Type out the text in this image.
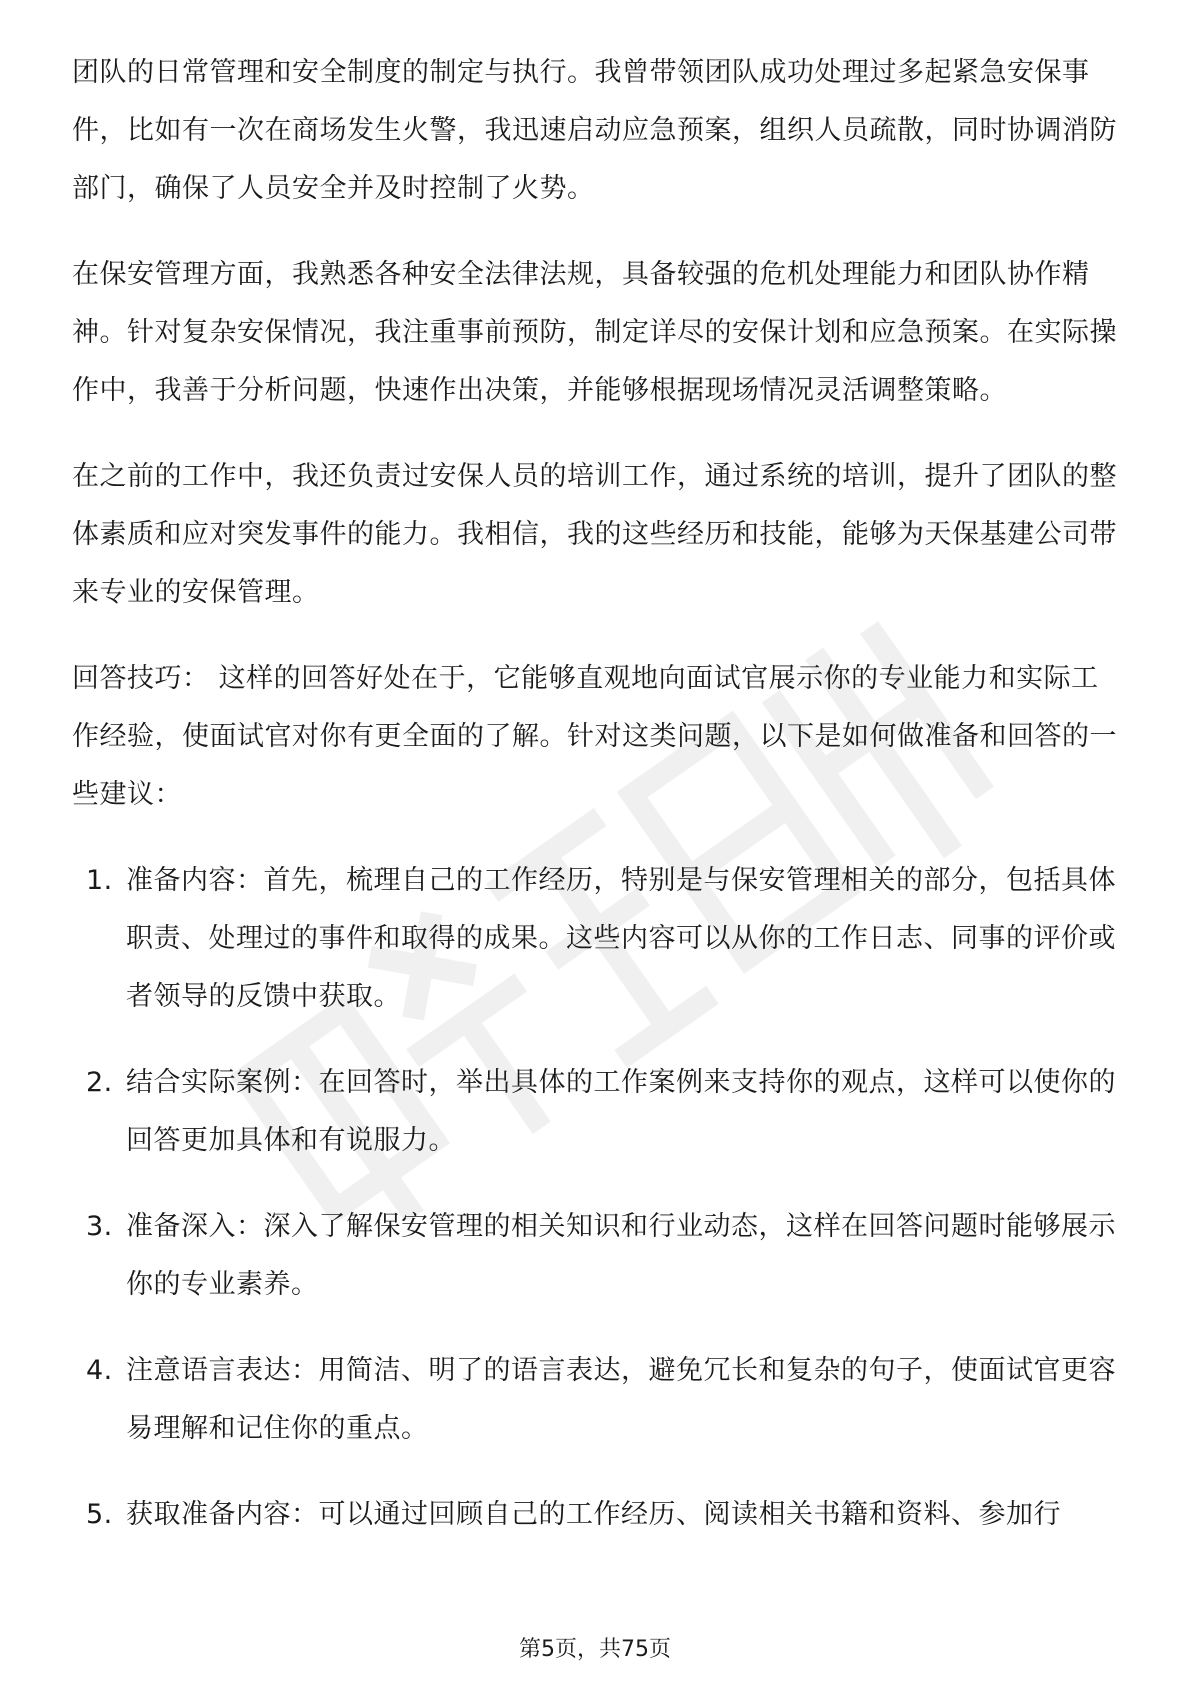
团队的日常管理和安全制度的制定与执行。我曾带领团队成功处理过多起紧急安保事件，比如有一次在商场发生火警，我迅速启动应急预案，组织人员疏散，同时协调消防部门，确保了人员安全并及时控制了火势。

在保安管理方面，我熟悉各种安全法律法规，具备较强的危机处理能力和团队协作精神。针对复杂安保情况，我注重事前预防，制定详尽的安保计划和应急预案。在实际操作中，我善于分析问题，快速作出决策，并能够根据现场情况灵活调整策略。

在之前的工作中，我还负责过安保人员的培训工作，通过系统的培训，提升了团队的整体素质和应对突发事件的能力。我相信，我的这些经历和技能，能够为天保基建公司带来专业的安保管理。

回答技巧： 这样的回答好处在于，它能够直观地向面试官展示你的专业能力和实际工作经验，使面试官对你有更全面的了解。针对这类问题，以下是如何做准备和回答的一些建议：

1. 准备内容：首先，梳理自己的工作经历，特别是与保安管理相关的部分，包括具体职责、处理过的事件和取得的成果。这些内容可以从你的工作日志、同事的评价或者领导的反馈中获取。
2. 结合实际案例：在回答时，举出具体的工作案例来支持你的观点，这样可以使你的回答更加具体和有说服力。
3. 准备深入：深入了解保安管理的相关知识和行业动态，这样在回答问题时能够展示你的专业素养。
4. 注意语言表达：用简洁、明了的语言表达，避免冗长和复杂的句子，使面试官更容易理解和记住你的重点。
5. 获取准备内容：可以通过回顾自己的工作经历、阅读相关书籍和资料、参加行
第5页，共75页
